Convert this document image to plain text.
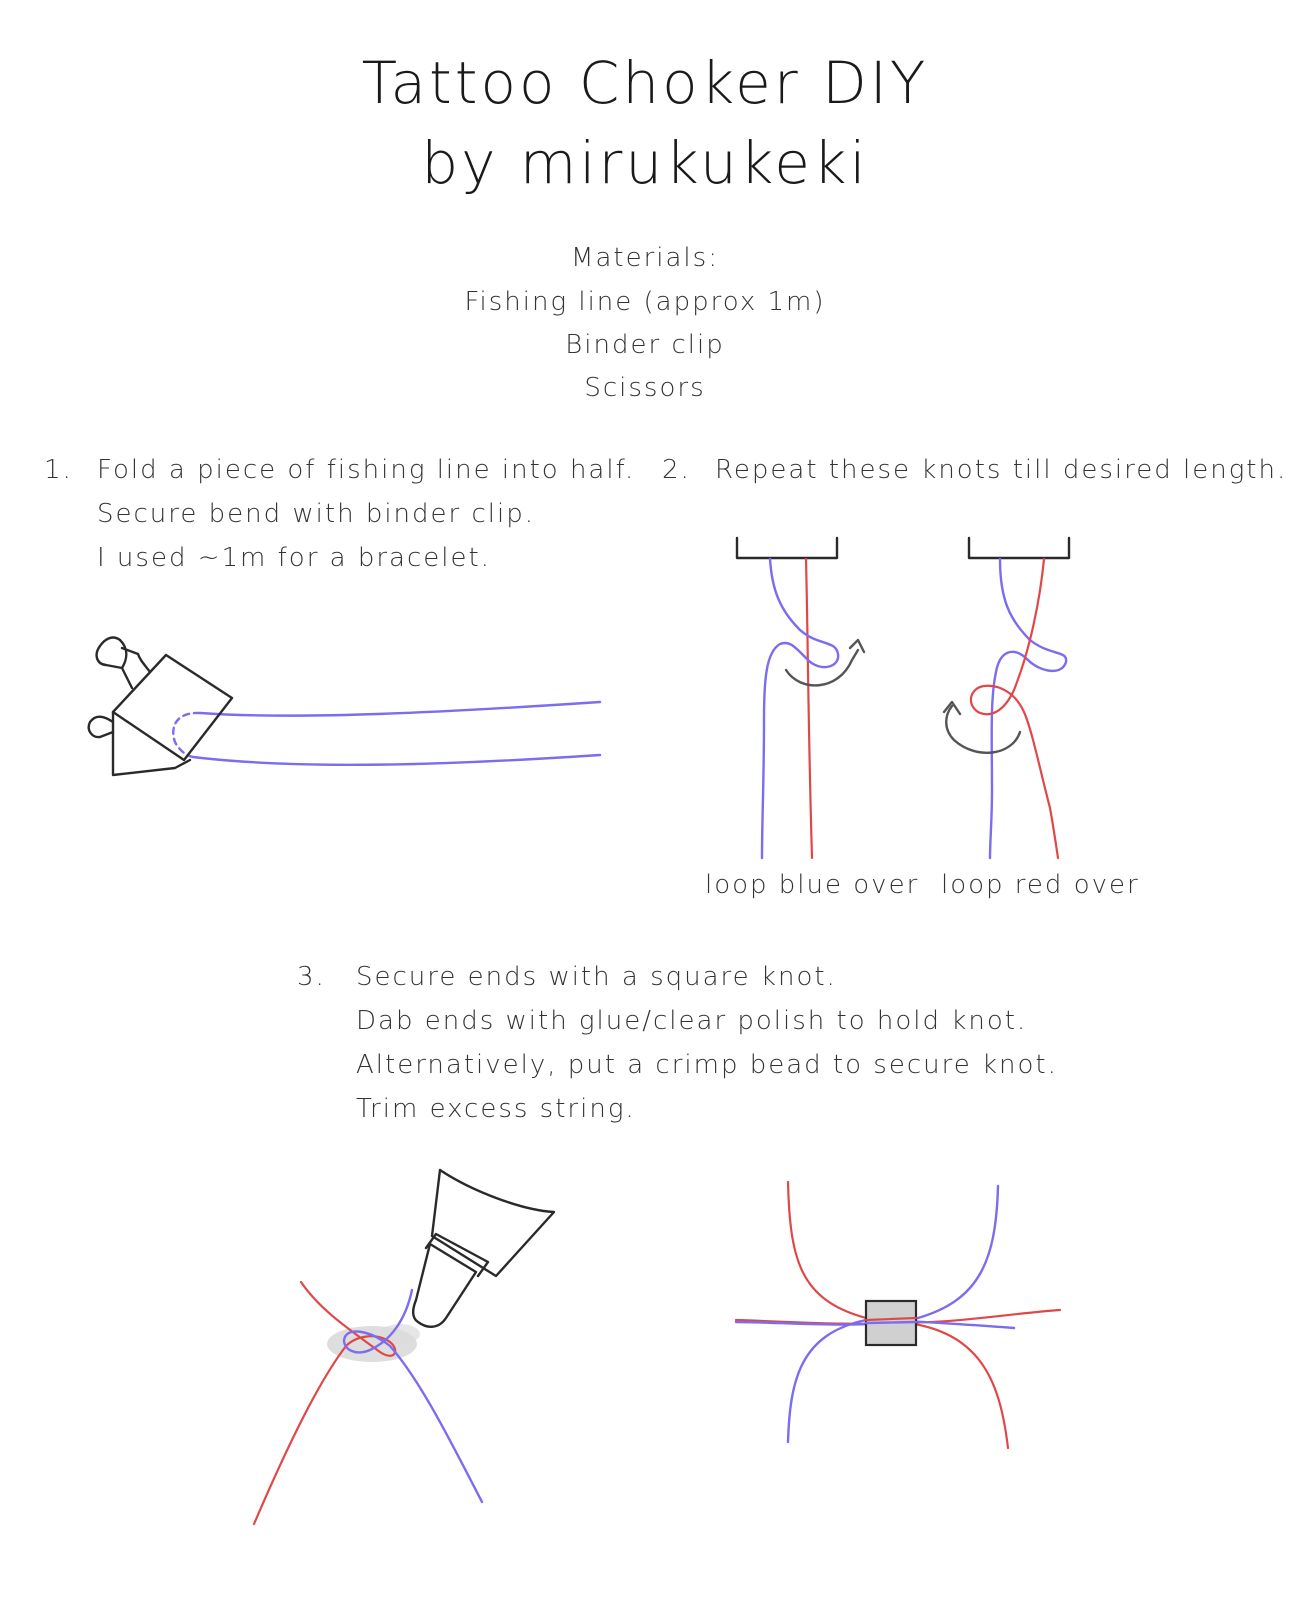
Tattoo Choker DIY
by mirukukeki
Materials:
Fishing line (approx 1m)
Binder clip
Scissors
1. Fold a piece of fishing line into half.
Secure bend with binder clip.
I used ~1m for a bracelet.
2. Repeat these knots till desired length.
loop blue over loop red over
3. Secure ends with a square knot.
Dab ends with glue/clear polish to hold knot.
Alternatively, put a crimp bead to secure knot.
Trim excess string.
